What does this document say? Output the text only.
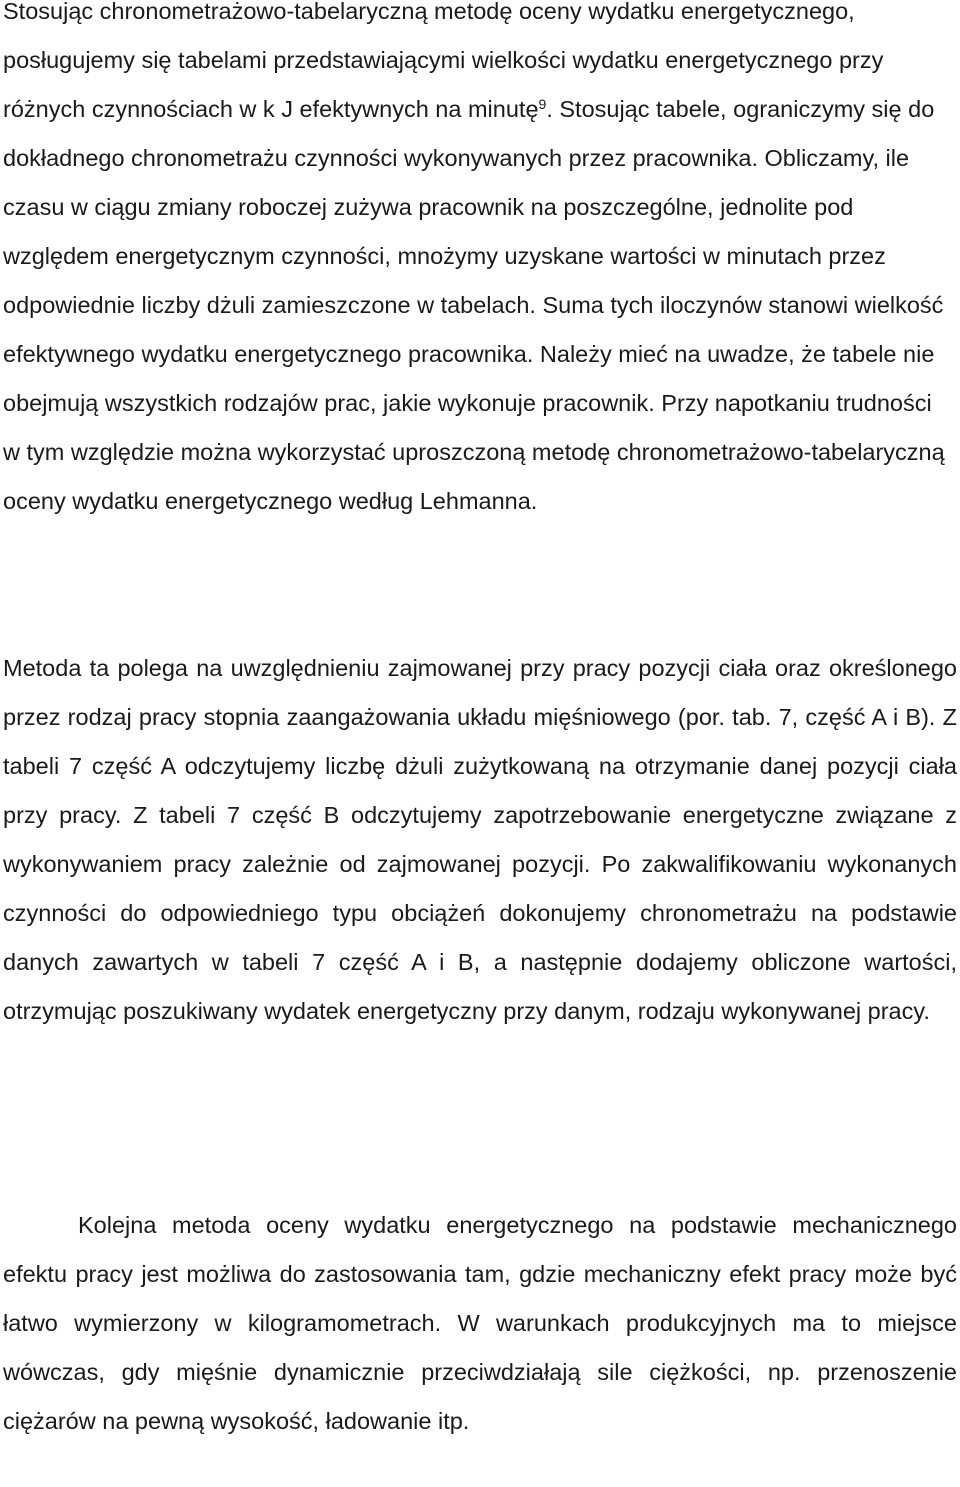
Stosując chronometrażowo-tabelaryczną metodę oceny wydatku energetycznego, posługujemy się tabelami przedstawiającymi wielkości wydatku energetycznego przy różnych czynnościach w k J efektywnych na minutę$^9$. Stosując tabele, ograniczymy się do dokładnego chronometrażu czynności wykonywanych przez pracownika. Obliczamy, ile czasu w ciągu zmiany roboczej zużywa pracownik na poszczególne, jednolite pod względem energetycznym czynności, mnożymy uzyskane wartości w minutach przez odpowiednie liczby dżuli zamieszczone w tabelach. Suma tych iloczynów stanowi wielkość efektywnego wydatku energetycznego pracownika. Należy mieć na uwadze, że tabele nie obejmują wszystkich rodzajów prac, jakie wykonuje pracownik. Przy napotkaniu trudności w tym względzie można wykorzystać uproszczoną metodę chronometrażowo-tabelaryczną oceny wydatku energetycznego według Lehmanna.

Metoda ta polega na uwzględnieniu zajmowanej przy pracy pozycji ciała oraz określonego przez rodzaj pracy stopnia zaangażowania układu mięśniowego (por. tab. 7, część A i B). Z tabeli 7 część A odczytujemy liczbę dżuli zużytkowaną na otrzymanie danej pozycji ciała przy pracy. Z tabeli 7 część B odczytujemy zapotrzebowanie energetyczne związane z wykonywaniem pracy zależnie od zajmowanej pozycji. Po zakwalifikowaniu wykonanych czynności do odpowiedniego typu obciążeń dokonujemy chronometrażu na podstawie danych zawartych w tabeli 7 część A i B, a następnie dodajemy obliczone wartości, otrzymując poszukiwany wydatek energetyczny przy danym, rodzaju wykonywanej pracy.

Kolejna metoda oceny wydatku energetycznego na podstawie mechanicznego efektu pracy jest możliwa do zastosowania tam, gdzie mechaniczny efekt pracy może być łatwo wymierzony w kilogramometrach. W warunkach produkcyjnych ma to miejsce wówczas, gdy mięśnie dynamicznie przeciwdziałają sile ciężkości, np. przenoszenie ciężarów na pewną wysokość, ładowanie itp.
